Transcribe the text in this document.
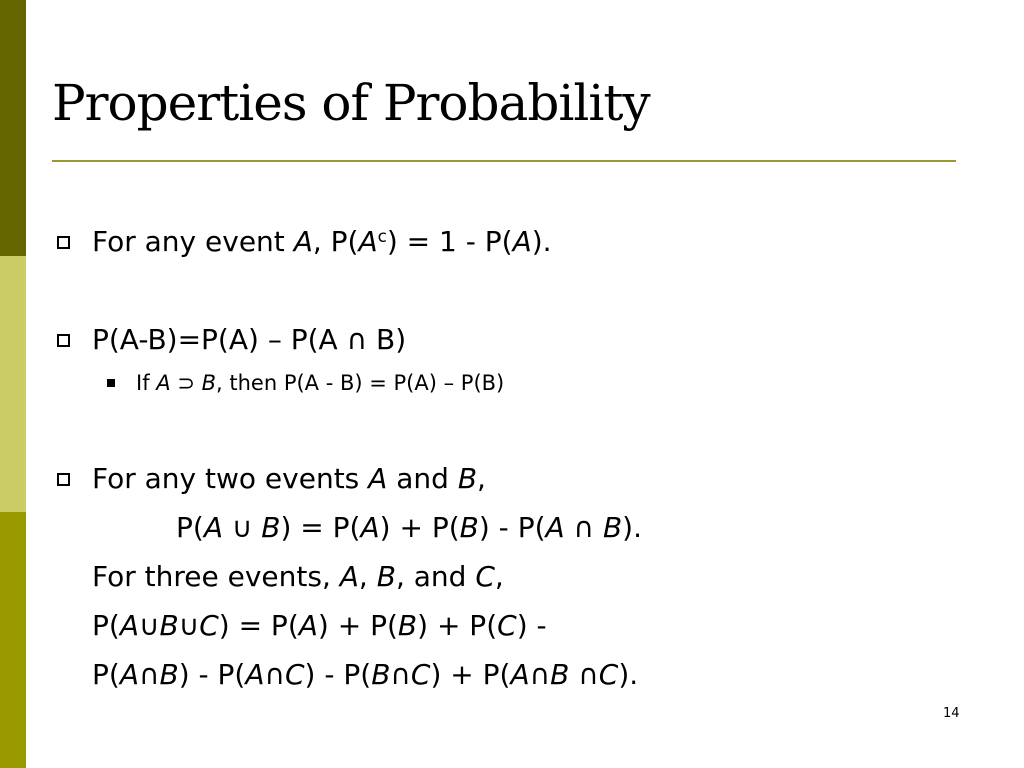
Properties of Probability
For any event A, $P(A^c) = 1 - P(A)$.
P(A-B)=P(A) – P(A ∩ B)
If A ⊃ B, then P(A - B) = P(A) – P(B)
For any two events A and B,
P(A ∪ B) = P(A) + P(B) - P(A ∩ B).
For three events, A, B, and C,
P(A∪B∪C) = P(A) + P(B) + P(C) -
P(A∩B) - P(A∩C) - P(B∩C) + P(A∩B ∩C).
14
